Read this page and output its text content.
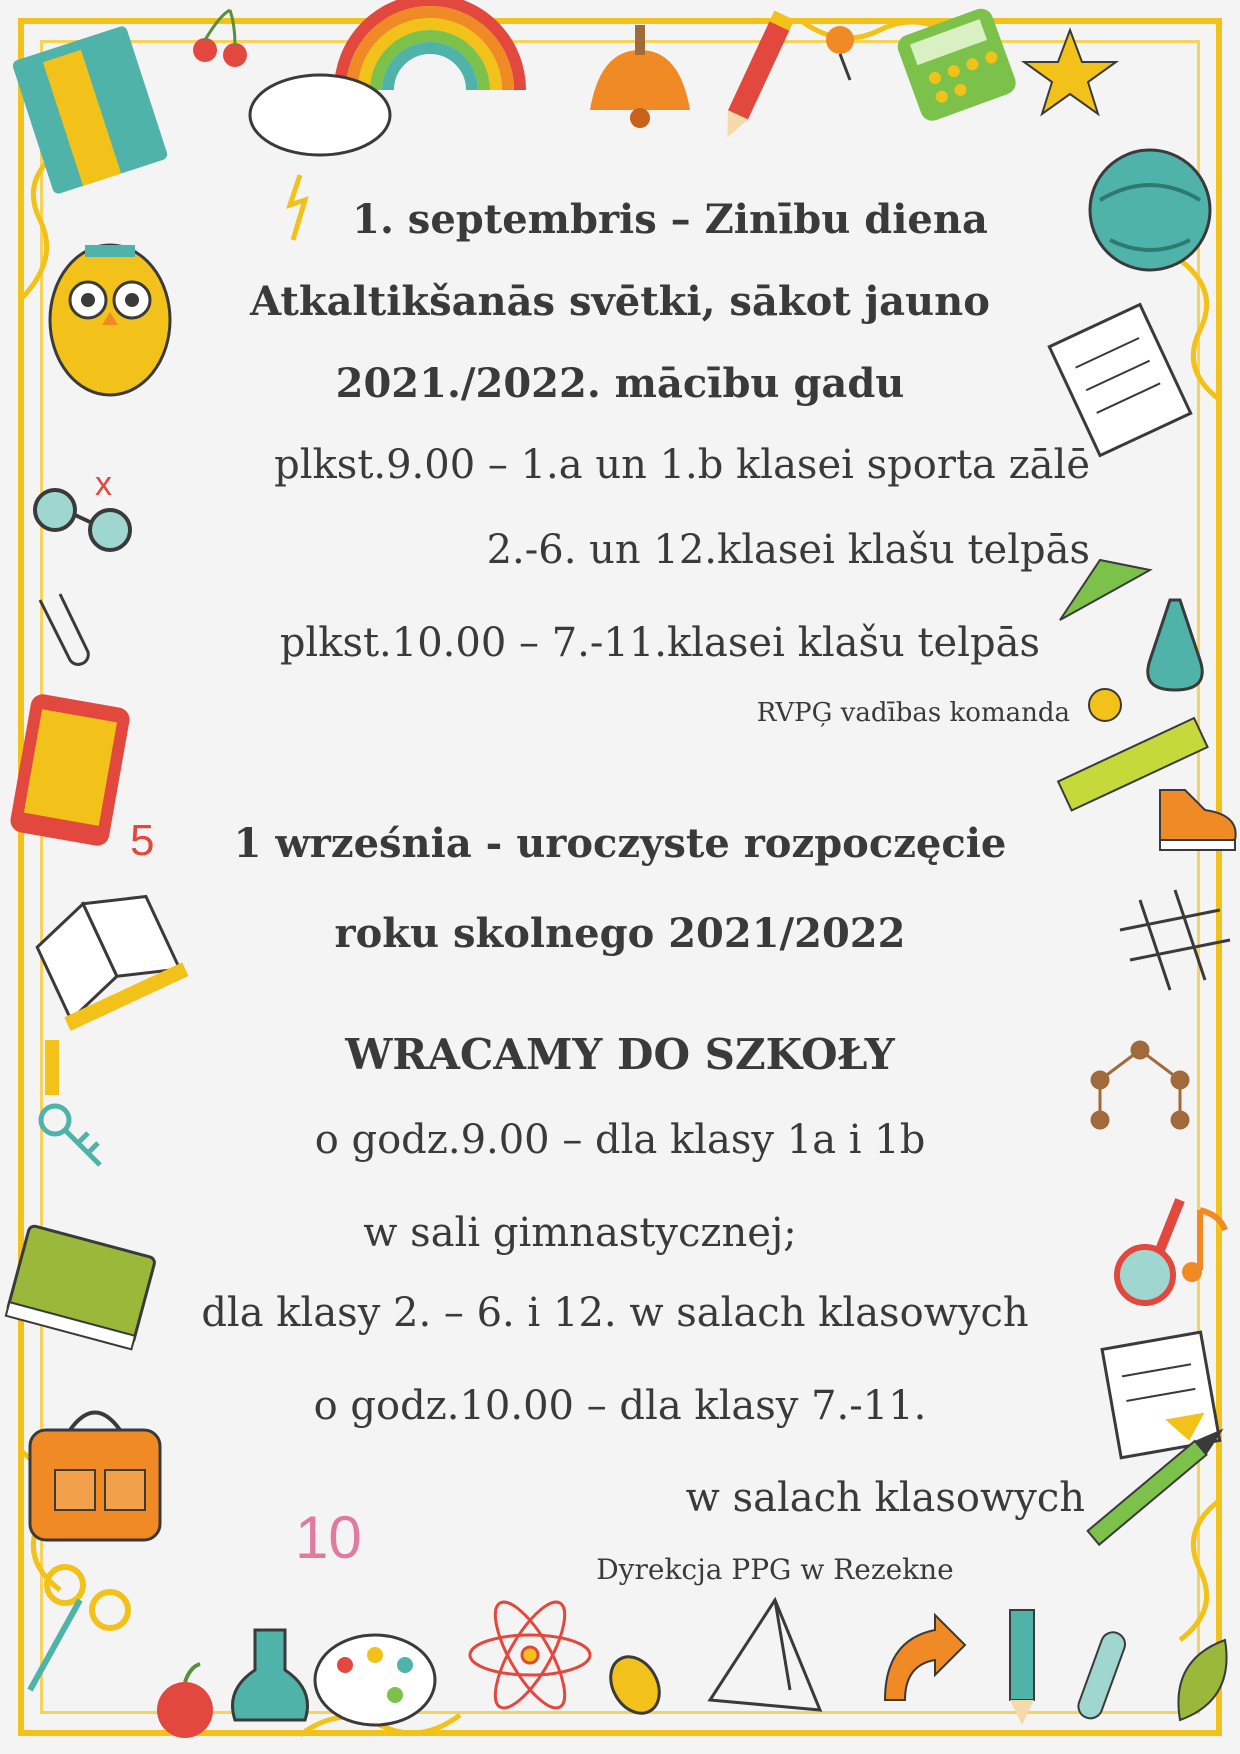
5
10
x
1. septembris – Zinību diena
Atkaltikšanās svētki, sākot jauno
2021./2022. mācību gadu
plkst.9.00 – 1.a un 1.b klasei sporta zālē
2.-6. un 12.klasei klašu telpās
plkst.10.00 – 7.-11.klasei klašu telpās
RVPĢ vadības komanda
1 września - uroczyste rozpoczęcie
roku skolnego 2021/2022
WRACAMY DO SZKOŁY
o godz.9.00 – dla klasy 1a i 1b
w sali gimnastycznej;
dla klasy 2. – 6. i 12. w salach klasowych
o godz.10.00 – dla klasy 7.-11.
w salach klasowych
Dyrekcja PPG w Rezekne
